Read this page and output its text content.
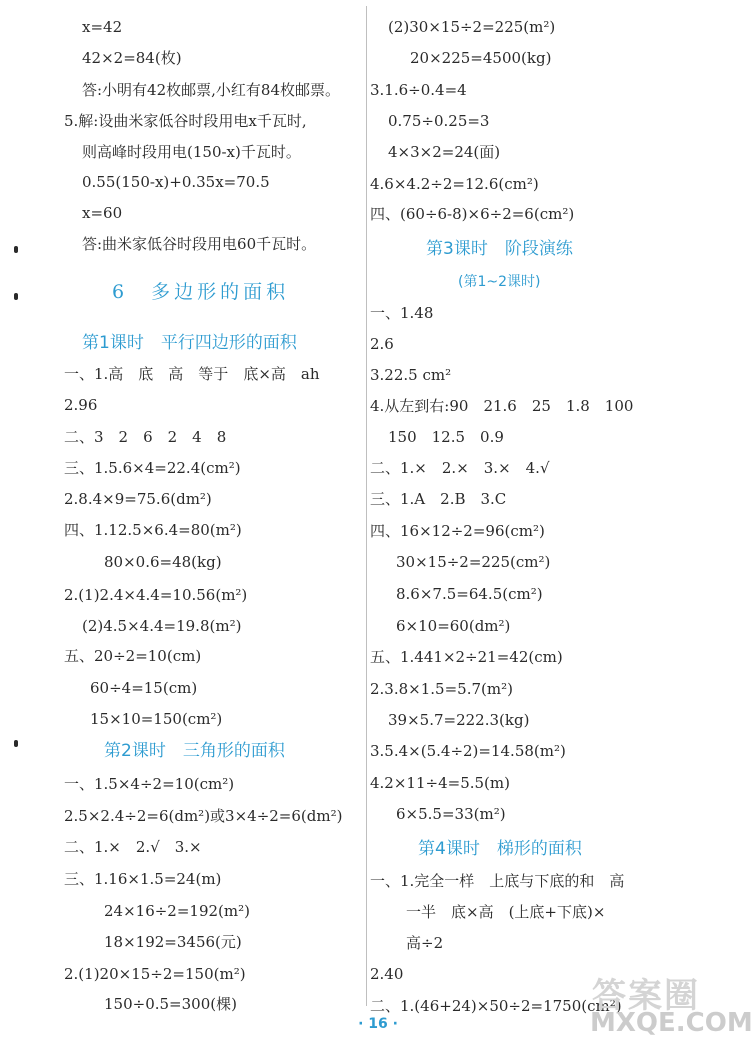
x=42
42×2=84(枚)
答:小明有42枚邮票,小红有84枚邮票。
5.解:设曲米家低谷时段用电x千瓦时,
则高峰时段用电(150-x)千瓦时。
0.55(150-x)+0.35x=70.5
x=60
答:曲米家低谷时段用电60千瓦时。
6　多边形的面积
第1课时　平行四边形的面积
一、1.高　底　高　等于　底×高　ah
2.96
二、3　2　6　2　4　8
三、1.5.6×4=22.4(cm²)
2.8.4×9=75.6(dm²)
四、1.12.5×6.4=80(m²)
80×0.6=48(kg)
2.(1)2.4×4.4=10.56(m²)
(2)4.5×4.4=19.8(m²)
五、20÷2=10(cm)
60÷4=15(cm)
15×10=150(cm²)
第2课时　三角形的面积
一、1.5×4÷2=10(cm²)
2.5×2.4÷2=6(dm²)或3×4÷2=6(dm²)
二、1.×　2.√　3.×
三、1.16×1.5=24(m)
24×16÷2=192(m²)
18×192=3456(元)
2.(1)20×15÷2=150(m²)
150÷0.5=300(棵)
(2)30×15÷2=225(m²)
20×225=4500(kg)
3.1.6÷0.4=4
0.75÷0.25=3
4×3×2=24(面)
4.6×4.2÷2=12.6(cm²)
四、(60÷6-8)×6÷2=6(cm²)
第3课时　阶段演练
(第1~2课时)
一、1.48
2.6
3.22.5 cm²
4.从左到右:90　21.6　25　1.8　100
150　12.5　0.9
二、1.×　2.×　3.×　4.√
三、1.A　2.B　3.C
四、16×12÷2=96(cm²)
30×15÷2=225(cm²)
8.6×7.5=64.5(cm²)
6×10=60(dm²)
五、1.441×2÷21=42(cm)
2.3.8×1.5=5.7(m²)
39×5.7=222.3(kg)
3.5.4×(5.4÷2)=14.58(m²)
4.2×11÷4=5.5(m)
6×5.5=33(m²)
第4课时　梯形的面积
一、1.完全一样　上底与下底的和　高
一半　底×高　(上底+下底)×
高÷2
2.40
二、1.(46+24)×50÷2=1750(cm²)
· 16 ·
答案圈
MXQE.COM
